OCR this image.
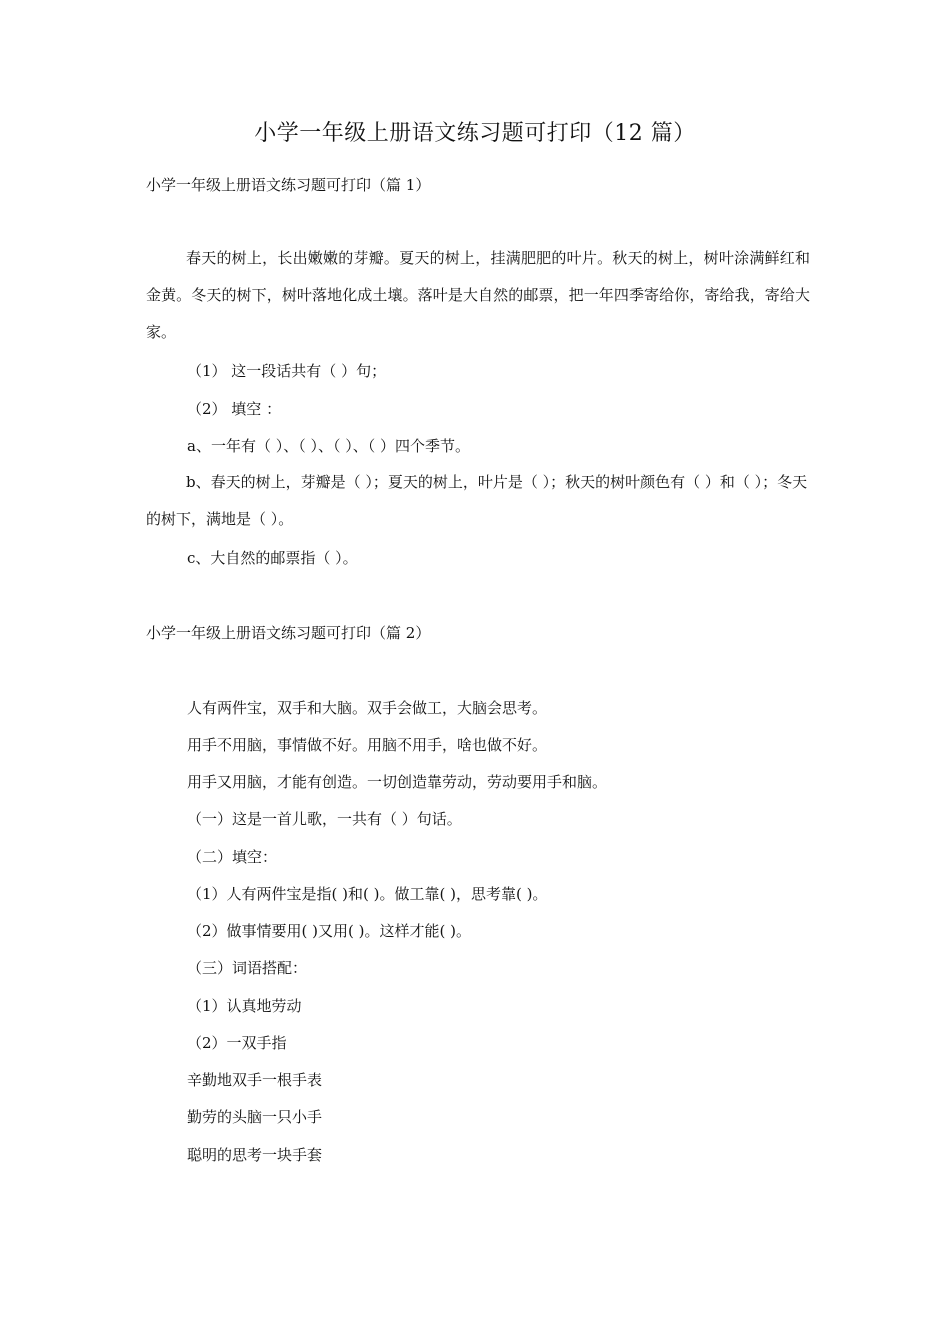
小学一年级上册语文练习题可打印（12 篇）
小学一年级上册语文练习题可打印（篇 1）

春天的树上，长出嫩嫩的芽瓣。夏天的树上，挂满肥肥的叶片。秋天的树上，树叶涂满鲜红和金黄。冬天的树下，树叶落地化成土壤。落叶是大自然的邮票，把一年四季寄给你，寄给我，寄给大家。

（1） 这一段话共有（ ）句；
（2） 填空 ：
a、一年有（ ）、（ ）、（ ）、（ ）四个季节。

b、春天的树上，芽瓣是（ ）；夏天的树上，叶片是（ ）；秋天的树叶颜色有（ ）和（ ）；冬天的树下，满地是（ ）。

c、大自然的邮票指（ ）。
小学一年级上册语文练习题可打印（篇 2）
人有两件宝，双手和大脑。双手会做工，大脑会思考。
用手不用脑，事情做不好。用脑不用手，啥也做不好。
用手又用脑，才能有创造。一切创造靠劳动，劳动要用手和脑。
（一）这是一首儿歌，一共有（ ）句话。
（二）填空：
（1）人有两件宝是指( )和( )。做工靠( )，思考靠( )。
（2）做事情要用( )又用( )。这样才能( )。
（三）词语搭配：
（1）认真地劳动
（2）一双手指
辛勤地双手一根手表
勤劳的头脑一只小手
聪明的思考一块手套
